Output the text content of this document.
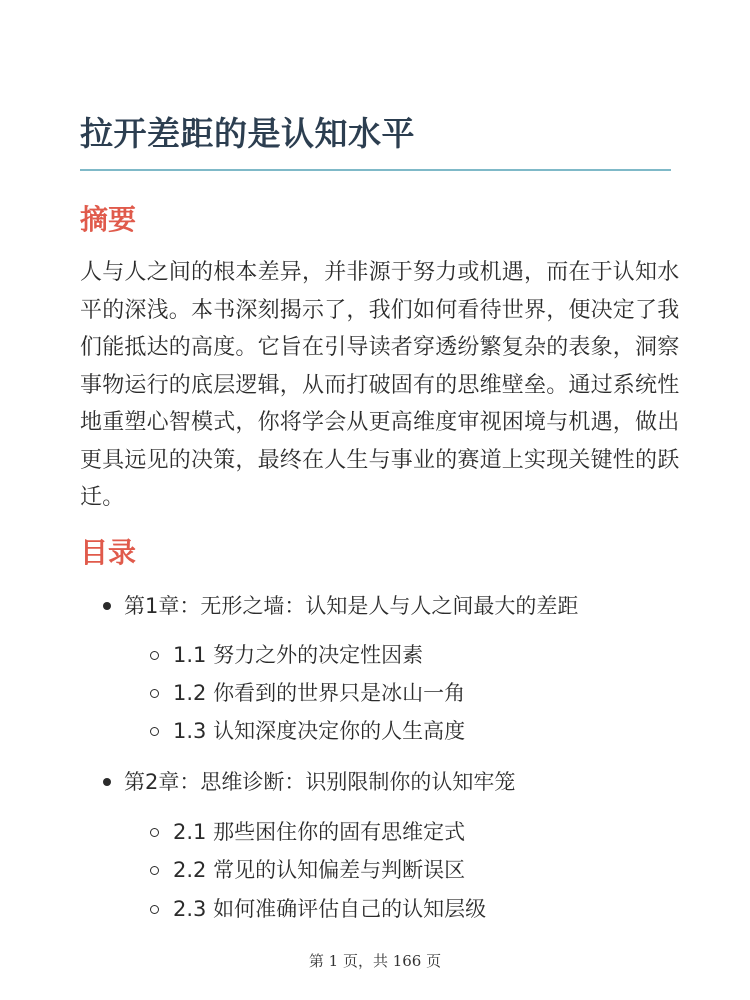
拉开差距的是认知水平
摘要

人与人之间的根本差异，并非源于努力或机遇，而在于认知水平的深浅。本书深刻揭示了，我们如何看待世界，便决定了我们能抵达的高度。它旨在引导读者穿透纷繁复杂的表象，洞察事物运行的底层逻辑，从而打破固有的思维壁垒。通过系统性地重塑心智模式，你将学会从更高维度审视困境与机遇，做出更具远见的决策，最终在人生与事业的赛道上实现关键性的跃迁。

目录
第1章：无形之墙：认知是人与人之间最大的差距
1.1 努力之外的决定性因素
1.2 你看到的世界只是冰山一角
1.3 认知深度决定你的人生高度
第2章：思维诊断：识别限制你的认知牢笼
2.1 那些困住你的固有思维定式
2.2 常见的认知偏差与判断误区
2.3 如何准确评估自己的认知层级
第 1 页，共 166 页
